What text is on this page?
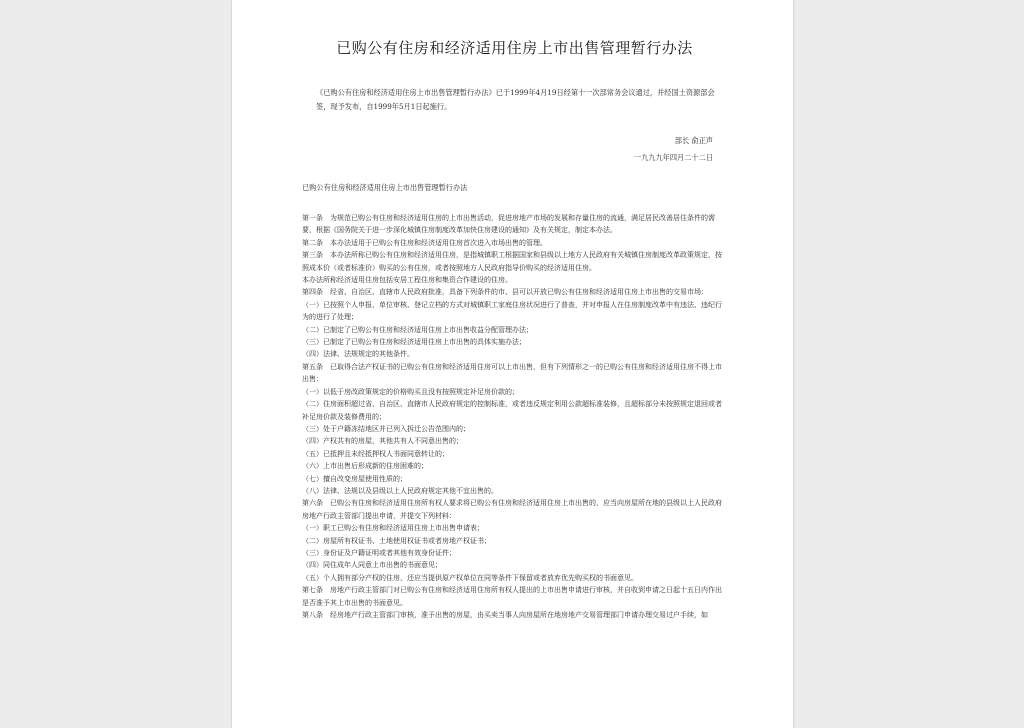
已购公有住房和经济适用住房上市出售管理暂行办法
《已购公有住房和经济适用住房上市出售管理暂行办法》已于1999年4月19日经第十一次部常务会议通过，并经国土资源部会签，现予发布，自1999年5月1日起施行。
部长 俞正声
一九九九年四月二十二日
已购公有住房和经济适用住房上市出售管理暂行办法

第一条　为规范已购公有住房和经济适用住房的上市出售活动，促进房地产市场的发展和存量住房的流通，满足居民改善居住条件的需要，根据《国务院关于进一步深化城镇住房制度改革加快住房建设的通知》及有关规定，制定本办法。

第二条　本办法适用于已购公有住房和经济适用住房首次进入市场出售的管理。

第三条　本办法所称已购公有住房和经济适用住房，是指城镇职工根据国家和县级以上地方人民政府有关城镇住房制度改革政策规定，按照成本价（或者标准价）购买的公有住房，或者按照地方人民政府指导价购买的经济适用住房。

本办法所称经济适用住房包括安居工程住房和集资合作建设的住房。

第四条　经省、自治区、直辖市人民政府批准，具备下列条件的市、县可以开放已购公有住房和经济适用住房上市出售的交易市场：

（一）已按照个人申报、单位审核、登记立档的方式对城镇职工家庭住房状况进行了普查，并对申报人在住房制度改革中有违法、违纪行为的进行了处理；

（二）已制定了已购公有住房和经济适用住房上市出售收益分配管理办法；

（三）已制定了已购公有住房和经济适用住房上市出售的具体实施办法；

（四）法律、法规规定的其他条件。

第五条　已取得合法产权证书的已购公有住房和经济适用住房可以上市出售，但有下列情形之一的已购公有住房和经济适用住房不得上市出售：

（一）以低于房改政策规定的价格购买且没有按照规定补足房价款的；

（二）住房面积超过省、自治区、直辖市人民政府规定的控制标准，或者违反规定利用公款超标准装修，且超标部分未按照规定退回或者补足房价款及装修费用的；

（三）处于户籍冻结地区并已列入拆迁公告范围内的；

（四）产权共有的房屋，其他共有人不同意出售的；

（五）已抵押且未经抵押权人书面同意转让的；

（六）上市出售后形成新的住房困难的；

（七）擅自改变房屋使用性质的；

（八）法律、法规以及县级以上人民政府规定其他不宜出售的。

第六条　已购公有住房和经济适用住房所有权人要求将已购公有住房和经济适用住房上市出售的，应当向房屋所在地的县级以上人民政府房地产行政主管部门提出申请，并提交下列材料：

（一）职工已购公有住房和经济适用住房上市出售申请表；

（二）房屋所有权证书、土地使用权证书或者房地产权证书；

（三）身份证及户籍证明或者其他有效身份证件；

（四）同住成年人同意上市出售的书面意见；

（五）个人拥有部分产权的住房，还应当提供原产权单位在同等条件下保留或者放弃优先购买权的书面意见。

第七条　房地产行政主管部门对已购公有住房和经济适用住房所有权人提出的上市出售申请进行审核，并自收到申请之日起十五日内作出是否准予其上市出售的书面意见。

第八条　经房地产行政主管部门审核，准予出售的房屋，由买卖当事人向房屋所在地房地产交易管理部门申请办理交易过户手续，如
